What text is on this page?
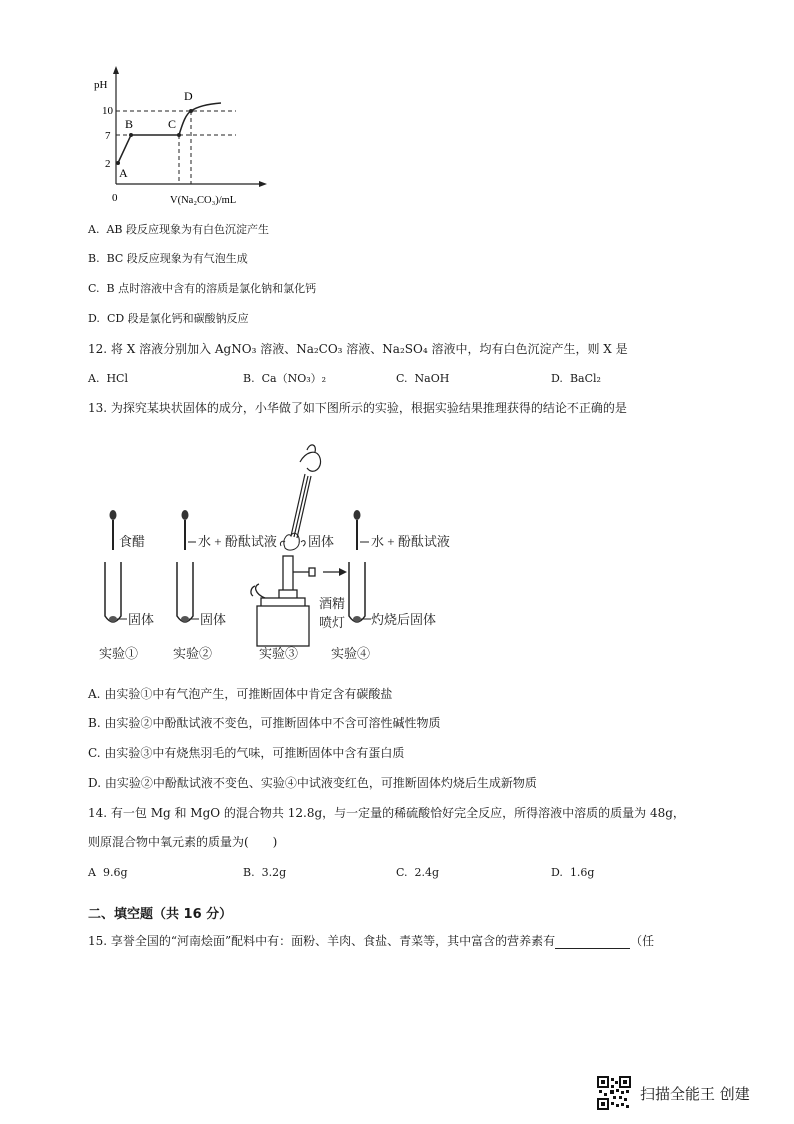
pH
10
7
2
0
A
B	C
D
V(Na₂CO₃)/mL
A. AB 段反应现象为有白色沉淀产生
B. BC 段反应现象为有气泡生成
C. B 点时溶液中含有的溶质是氯化钠和氯化钙
D. CD 段是氯化钙和碳酸钠反应
12. 将 X 溶液分别加入 AgNO₃ 溶液、Na₂CO₃ 溶液、Na₂SO₄ 溶液中，均有白色沉淀产生，则 X 是
A. HCl	B. Ca（NO₃）₂	C. NaOH	D. BaCl₂
13. 为探究某块状固体的成分，小华做了如下图所示的实验，根据实验结果推理获得的结论不正确的是
食醋
固体
水 + 酚酞试液
固体
固体
酒精
喷灯
水 + 酚酞试液
灼烧后固体
实验①	实验②	实验③	实验④
A. 由实验①中有气泡产生，可推断固体中肯定含有碳酸盐
B. 由实验②中酚酞试液不变色，可推断固体中不含可溶性碱性物质
C. 由实验③中有烧焦羽毛的气味，可推断固体中含有蛋白质
D. 由实验②中酚酞试液不变色、实验④中试液变红色，可推断固体灼烧后生成新物质
14. 有一包 Mg 和 MgO 的混合物共 12.8g，与一定量的稀硫酸恰好完全反应，所得溶液中溶质的质量为 48g，
则原混合物中氧元素的质量为(　　)
A 9.6g	B. 3.2g	C. 2.4g	D. 1.6g
二、填空题（共 16 分）
15. 享誉全国的“河南烩面”配料中有：面粉、羊肉、食盐、青菜等，其中富含的营养素有	（任
扫描全能王 创建
